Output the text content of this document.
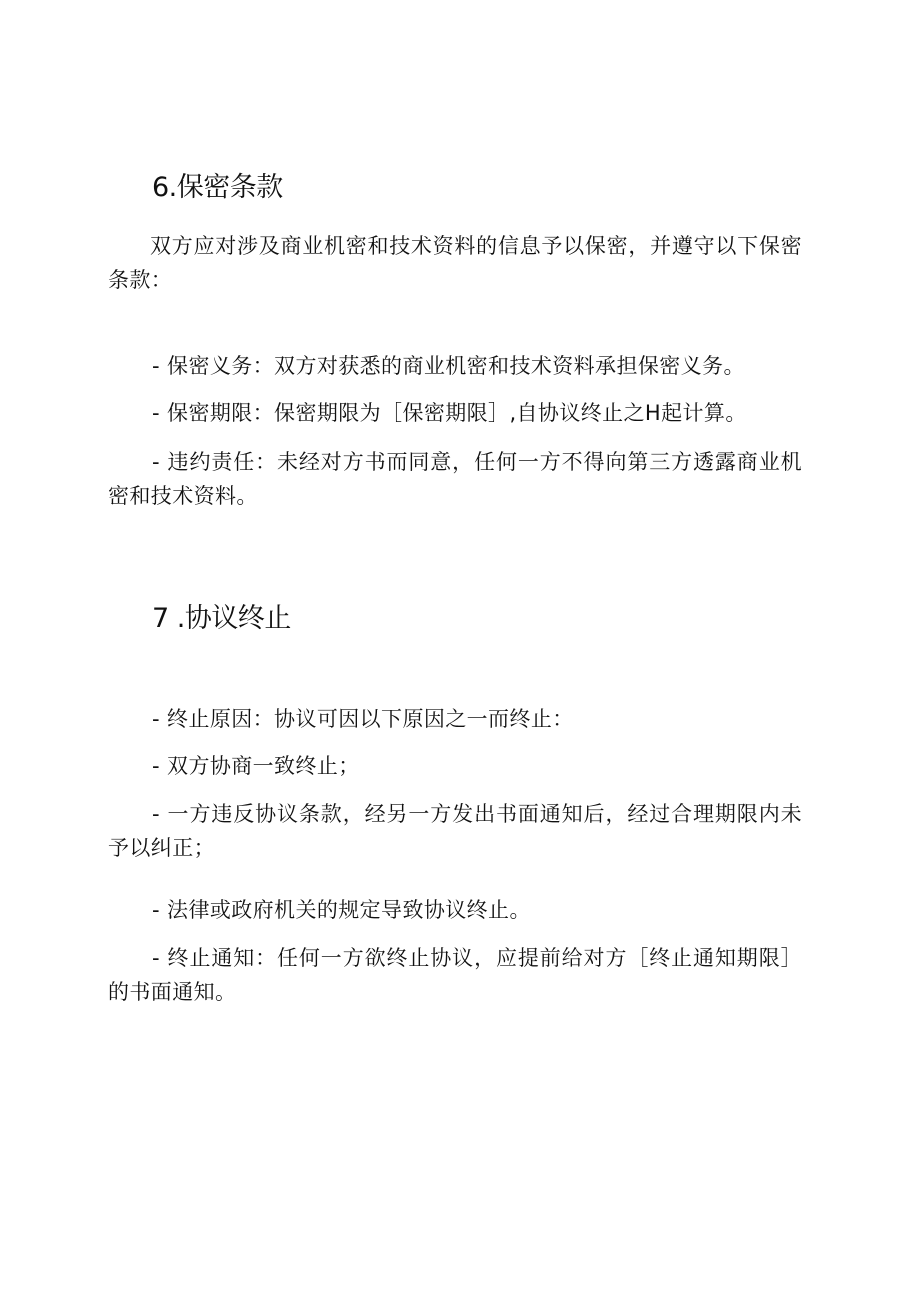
6.保密条款

双方应对涉及商业机密和技术资料的信息予以保密，并遵守以下保密条款：

- 保密义务：双方对获悉的商业机密和技术资料承担保密义务。

- 保密期限：保密期限为［保密期限］,自协议终止之H起计算。

- 违约责任：未经对方书而同意，任何一方不得向第三方透露商业机密和技术资料。

7 .协议终止

- 终止原因：协议可因以下原因之一而终止：

- 双方协商一致终止；

- 一方违反协议条款，经另一方发出书面通知后，经过合理期限内未予以纠正；

- 法律或政府机关的规定导致协议终止。

- 终止通知：任何一方欲终止协议，应提前给对方［终止通知期限］的书面通知。
